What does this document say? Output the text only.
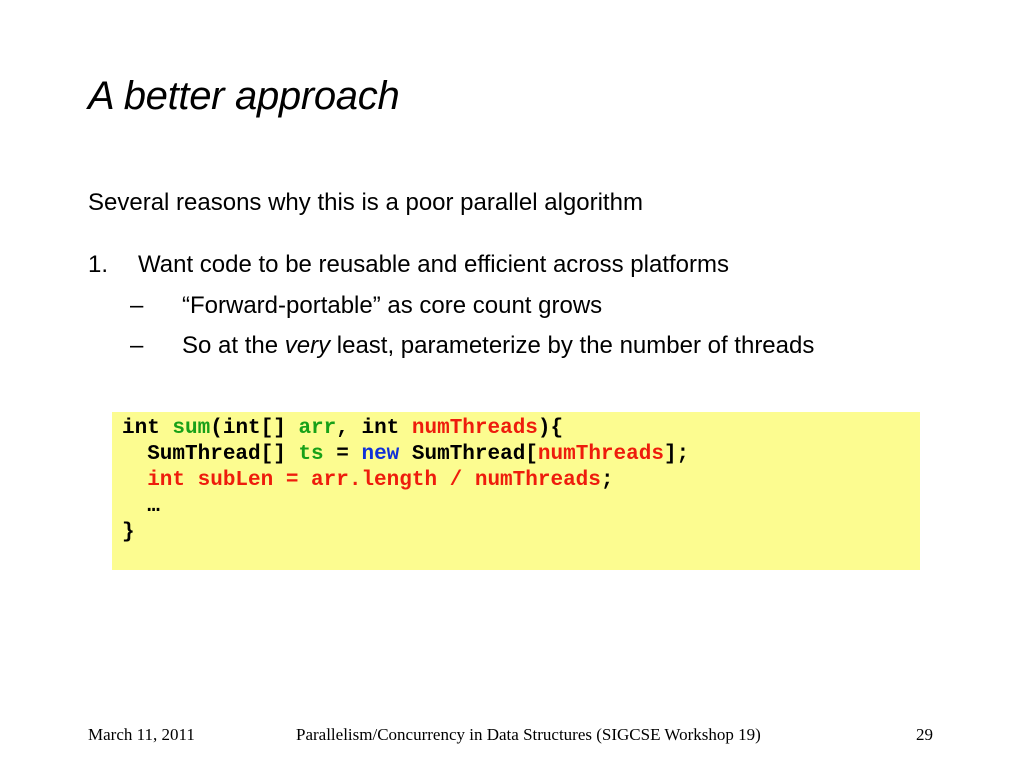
A better approach
Several reasons why this is a poor parallel algorithm
1. Want code to be reusable and efficient across platforms
– “Forward-portable” as core count grows
– So at the very least, parameterize by the number of threads
int sum(int[] arr, int numThreads){
SumThread[] ts = new SumThread[numThreads];
int subLen = arr.length / numThreads;
…
}
March 11, 2011	Parallelism/Concurrency in Data Structures (SIGCSE Workshop 19)	29
